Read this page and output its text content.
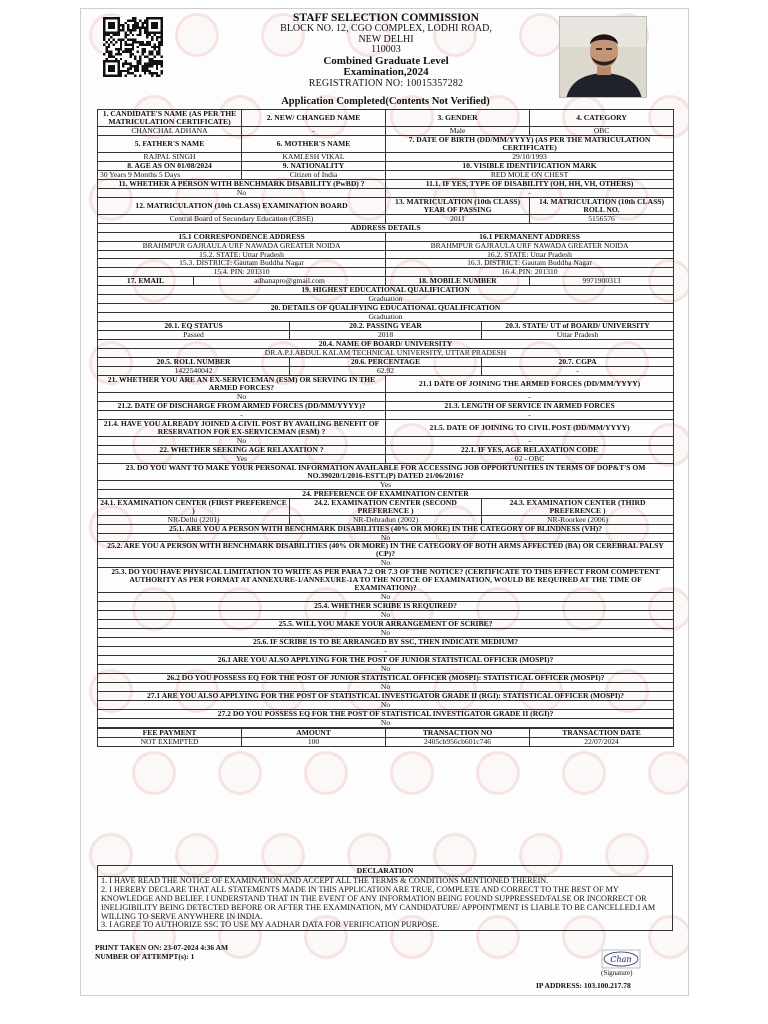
STAFF SELECTION COMMISSION
BLOCK NO. 12, CGO COMPLEX, LODHI ROAD,
NEW DELHI
110003
Combined Graduate Level
Examination,2024
REGISTRATION NO: 10015357282
Application Completed(Contents Not Verified)
1. CANDIDATE'S NAME (AS PER THE MATRICULATION CERTIFICATE)		2. NEW/ CHANGED NAME		3. GENDER		4. CATEGORY
CHANCHAL ADHANA		-		Male		OBC
5. FATHER'S NAME		6. MOTHER'S NAME		7. DATE OF BIRTH (DD/MM/YYYY) (AS PER THE MATRICULATION CERTIFICATE)		
RAJPAL SINGH		KAMLESH VIKAL		29/10/1993		
8. AGE AS ON 01/08/2024		9. NATIONALITY		10. VISIBLE IDENTIFICATION MARK		
30 Years 9 Months 5 Days		Citizen of India		RED MOLE ON CHEST		
11. WHETHER A PERSON WITH BENCHMARK DISABILITY (PwBD) ?				11.1. IF YES, TYPE OF DISABILITY (OH, HH, VH, OTHERS)		
No				-		
12. MATRICULATION (10th CLASS) EXAMINATION BOARD				13. MATRICULATION (10th CLASS) YEAR OF PASSING		14. MATRICULATION (10th CLASS) ROLL NO.
Central Board of Secondary Education (CBSE)				2011		5156576
ADDRESS DETAILS						
15.1 CORRESPONDENCE ADDRESS				16.1 PERMANENT ADDRESS		
BRAHMPUR GAJRAULA URF NAWADA GREATER NOIDA				BRAHMPUR GAJRAULA URF NAWADA GREATER NOIDA		
15.2. STATE: Uttar Pradesh				16.2. STATE: Uttar Pradesh		
15.3. DISTRICT: Gautam Buddha Nagar				16.3. DISTRICT: Gautam Buddha Nagar		
15.4. PIN: 201310				16.4. PIN: 201310		
17. EMAIL	adhanapro@gmail.com			18. MOBILE NUMBER		9971900313
19. HIGHEST EDUCATIONAL QUALIFICATION						
Graduation						
20. DETAILS OF QUALIFYING EDUCATIONAL QUALIFICATION						
Graduation						
20.1. EQ STATUS			20.2. PASSING YEAR		20.3. STATE/ UT of BOARD/ UNIVERSITY	
Passed			2018		Uttar Pradesh	
20.4. NAME OF BOARD/ UNIVERSITY						
DR.A.P.J.ABDUL KALAM TECHNICAL UNIVERSITY, UTTAR PRADESH						
20.5. ROLL NUMBER			20.6. PERCENTAGE		20.7. CGPA	
1422540042			62.92		-	
21. WHETHER YOU ARE AN EX-SERVICEMAN (ESM) OR SERVING IN THE ARMED FORCES?				21.1 DATE OF JOINING THE ARMED FORCES (DD/MM/YYYY)		
No				-		
21.2. DATE OF DISCHARGE FROM ARMED FORCES (DD/MM/YYYY)?				21.3. LENGTH OF SERVICE IN ARMED FORCES		
-				-		
21.4. HAVE YOU ALREADY JOINED A CIVIL POST BY AVAILING BENEFIT OF RESERVATION FOR EX-SERVICEMAN (ESM) ?				21.5. DATE OF JOINING TO CIVIL POST (DD/MM/YYYY)		
No				-		
22. WHETHER SEEKING AGE RELAXATION ?				22.1. IF YES, AGE RELAXATION CODE		
Yes				02 - OBC		
23. DO YOU WANT TO MAKE YOUR PERSONAL INFORMATION AVAILABLE FOR ACCESSING JOB OPPORTUNITIES IN TERMS OF DOP&T'S OM NO.39020/1/2016-ESTT.(P) DATED 21/06/2016?						
Yes						
24. PREFERENCE OF EXAMINATION CENTER						
24.1. EXAMINATION CENTER (FIRST PREFERENCE )			24.2. EXAMINATION CENTER (SECOND PREFERENCE )		24.3. EXAMINATION CENTER (THIRD PREFERENCE )	
NR-Delhi (2201)			NR-Dehradun (2002)		NR-Roorkee (2006)	
25.1. ARE YOU A PERSON WITH BENCHMARK DISABILITIES (40% OR MORE) IN THE CATEGORY OF BLINDNESS (VH)?						
No						
25.2. ARE YOU A PERSON WITH BENCHMARK DISABILITIES (40% OR MORE) IN THE CATEGORY OF BOTH ARMS AFFECTED (BA) OR CEREBRAL PALSY (CP)?						
No						
25.3. DO YOU HAVE PHYSICAL LIMITATION TO WRITE AS PER PARA 7.2 OR 7.3 OF THE NOTICE? (CERTIFICATE TO THIS EFFECT FROM COMPETENT AUTHORITY AS PER FORMAT AT ANNEXURE-1/ANNEXURE-1A TO THE NOTICE OF EXAMINATION, WOULD BE REQUIRED AT THE TIME OF EXAMINATION)?						
No						
25.4. WHETHER SCRIBE IS REQUIRED?						
No						
25.5. WILL YOU MAKE YOUR ARRANGEMENT OF SCRIBE?						
No						
25.6. IF SCRIBE IS TO BE ARRANGED BY SSC, THEN INDICATE MEDIUM?						
-						
26.1 ARE YOU ALSO APPLYING FOR THE POST OF JUNIOR STATISTICAL OFFICER (MOSPI)?						
No						
26.2 DO YOU POSSESS EQ FOR THE POST OF JUNIOR STATISTICAL OFFICER (MOSPI): STATISTICAL OFFICER (MOSPI)?						
No						
27.1 ARE YOU ALSO APPLYING FOR THE POST OF STATISTICAL INVESTIGATOR GRADE II (RGI): STATISTICAL OFFICER (MOSPI)?						
No						
27.2 DO YOU POSSESS EQ FOR THE POST OF STATISTICAL INVESTIGATOR GRADE II (RGI)?						
No						

FEE PAYMENT		AMOUNT		TRANSACTION NO		TRANSACTION DATE
NOT EXEMPTED		100		2405cb956cb601c746		22/07/2024
DECLARATION

1. I HAVE READ THE NOTICE OF EXAMINATION AND ACCEPT ALL THE TERMS & CONDITIONS MENTIONED THEREIN.

2. I HEREBY DECLARE THAT ALL STATEMENTS MADE IN THIS APPLICATION ARE TRUE, COMPLETE AND CORRECT TO THE BEST OF MY KNOWLEDGE AND BELIEF. I UNDERSTAND THAT IN THE EVENT OF ANY INFORMATION BEING FOUND SUPPRESSED/FALSE OR INCORRECT OR INELIGIBILITY BEING DETECTED BEFORE OR AFTER THE EXAMINATION, MY CANDIDATURE/ APPOINTMENT IS LIABLE TO BE CANCELLED.I AM WILLING TO SERVE ANYWHERE IN INDIA.

3. I AGREE TO AUTHORIZE SSC TO USE MY AADHAR DATA FOR VERIFICATION PURPOSE.

PRINT TAKEN ON: 23-07-2024 4:36 AM
NUMBER OF ATTEMPT(s): 1	Chan
(Signature)
IP ADDRESS: 103.100.217.78
